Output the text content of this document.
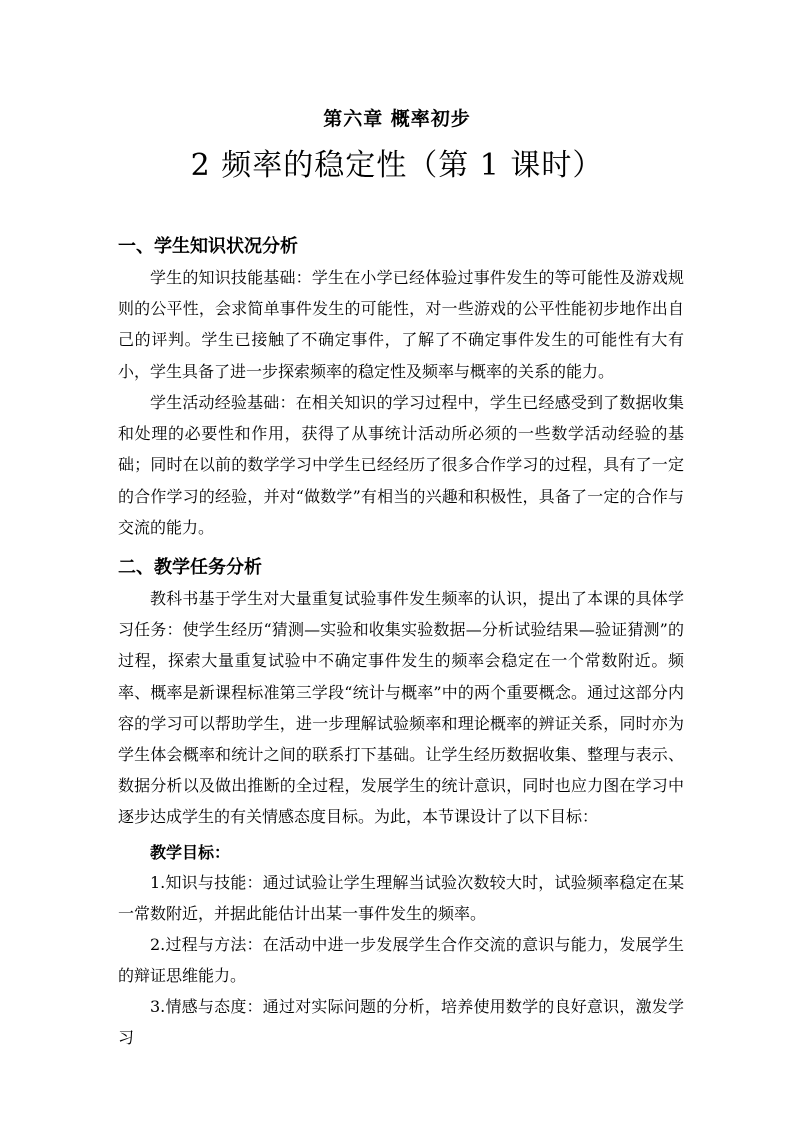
第六章 概率初步
2 频率的稳定性（第 1 课时）
一、学生知识状况分析

学生的知识技能基础：学生在小学已经体验过事件发生的等可能性及游戏规则的公平性，会求简单事件发生的可能性，对一些游戏的公平性能初步地作出自己的评判。学生已接触了不确定事件，了解了不确定事件发生的可能性有大有小，学生具备了进一步探索频率的稳定性及频率与概率的关系的能力。

学生活动经验基础：在相关知识的学习过程中，学生已经感受到了数据收集和处理的必要性和作用，获得了从事统计活动所必须的一些数学活动经验的基础；同时在以前的数学学习中学生已经经历了很多合作学习的过程，具有了一定的合作学习的经验，并对“做数学”有相当的兴趣和积极性，具备了一定的合作与交流的能力。

二、教学任务分析

教科书基于学生对大量重复试验事件发生频率的认识，提出了本课的具体学习任务：使学生经历“猜测—实验和收集实验数据—分析试验结果—验证猜测”的过程，探索大量重复试验中不确定事件发生的频率会稳定在一个常数附近。频率、概率是新课程标准第三学段“统计与概率”中的两个重要概念。通过这部分内容的学习可以帮助学生，进一步理解试验频率和理论概率的辨证关系，同时亦为学生体会概率和统计之间的联系打下基础。让学生经历数据收集、整理与表示、数据分析以及做出推断的全过程，发展学生的统计意识，同时也应力图在学习中逐步达成学生的有关情感态度目标。为此，本节课设计了以下目标：

教学目标：

1.知识与技能：通过试验让学生理解当试验次数较大时，试验频率稳定在某一常数附近，并据此能估计出某一事件发生的频率。

2.过程与方法：在活动中进一步发展学生合作交流的意识与能力，发展学生的辩证思维能力。

3.情感与态度：通过对实际问题的分析，培养使用数学的良好意识，激发学习
